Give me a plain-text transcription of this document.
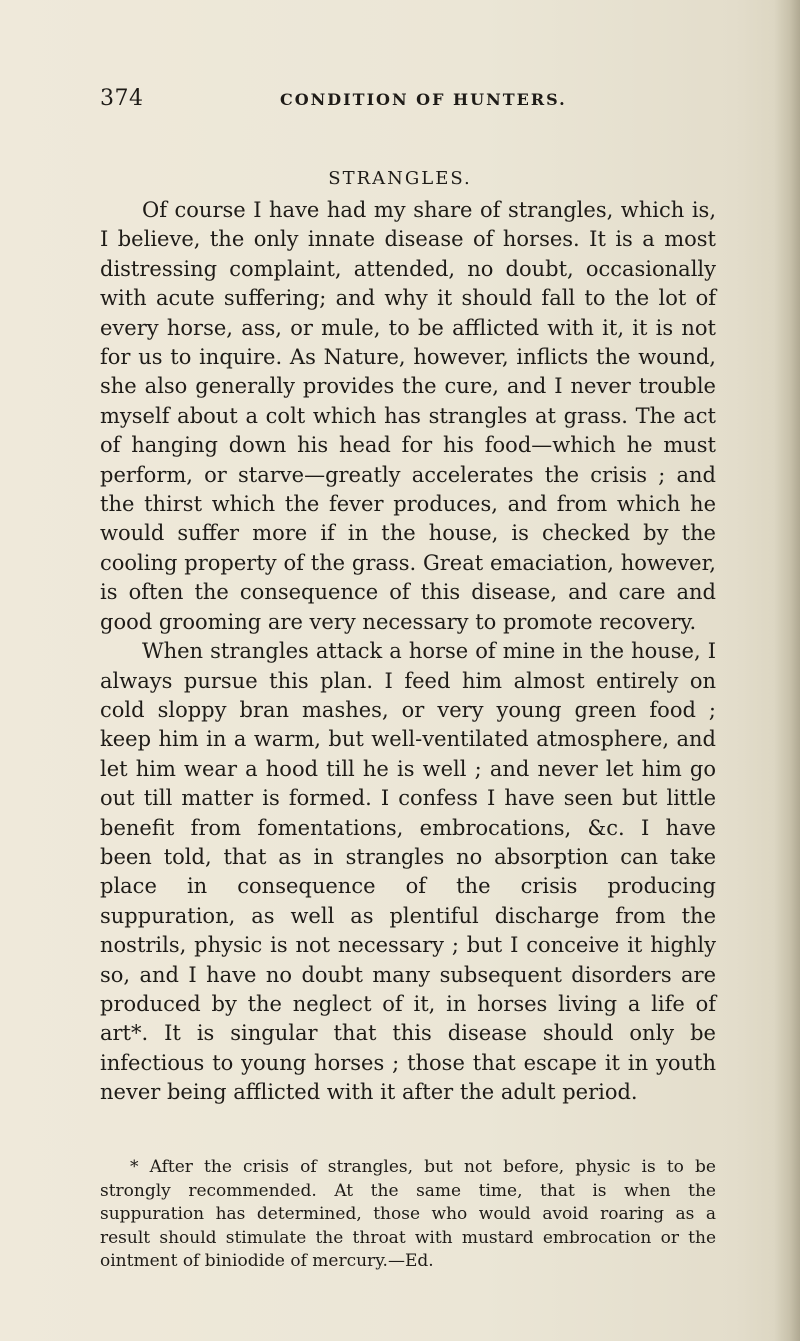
374	CONDITION OF HUNTERS.
STRANGLES.

Of course I have had my share of strangles, which is, I believe, the only innate disease of horses. It is a most distressing complaint, attended, no doubt, occasionally with acute suffering; and why it should fall to the lot of every horse, ass, or mule, to be afflicted with it, it is not for us to inquire. As Nature, however, inflicts the wound, she also generally provides the cure, and I never trouble myself about a colt which has strangles at grass. The act of hanging down his head for his food—which he must perform, or starve—greatly accelerates the crisis ; and the thirst which the fever produces, and from which he would suffer more if in the house, is checked by the cooling property of the grass. Great emaciation, however, is often the consequence of this disease, and care and good grooming are very necessary to promote recovery.

When strangles attack a horse of mine in the house, I always pursue this plan. I feed him almost entirely on cold sloppy bran mashes, or very young green food ; keep him in a warm, but well-ventilated atmosphere, and let him wear a hood till he is well ; and never let him go out till matter is formed. I confess I have seen but little benefit from fomentations, embrocations, &c. I have been told, that as in strangles no absorption can take place in consequence of the crisis producing suppuration, as well as plentiful discharge from the nostrils, physic is not necessary ; but I conceive it highly so, and I have no doubt many subsequent disorders are produced by the neglect of it, in horses living a life of art*. It is singular that this disease should only be infectious to young horses ; those that escape it in youth never being afflicted with it after the adult period.

* After the crisis of strangles, but not before, physic is to be strongly recommended. At the same time, that is when the suppuration has determined, those who would avoid roaring as a result should stimulate the throat with mustard embrocation or the ointment of biniodide of mercury.—Ed.
